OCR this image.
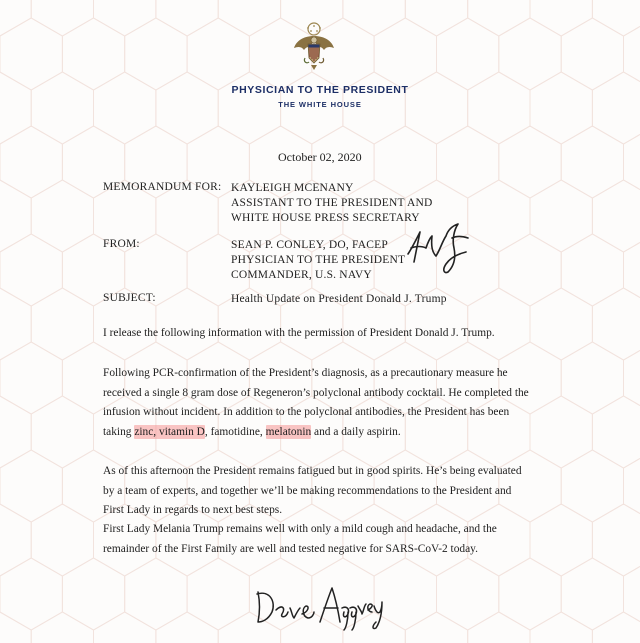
PHYSICIAN TO THE PRESIDENT
THE WHITE HOUSE
October 02, 2020
MEMORANDUM FOR: KAYLEIGH MCENANY
ASSISTANT TO THE PRESIDENT AND
WHITE HOUSE PRESS SECRETARY
FROM:	SEAN P. CONLEY, DO, FACEP
PHYSICIAN TO THE PRESIDENT
COMMANDER, U.S. NAVY
SUBJECT:	Health Update on President Donald J. Trump
I release the following information with the permission of President Donald J. Trump.
Following PCR-confirmation of the President’s diagnosis, as a precautionary measure he received a single 8 gram dose of Regeneron’s polyclonal antibody cocktail. He completed the infusion without incident. In addition to the polyclonal antibodies, the President has been taking zinc, vitamin D, famotidine, melatonin and a daily aspirin.
As of this afternoon the President remains fatigued but in good spirits. He’s being evaluated by a team of experts, and together we’ll be making recommendations to the President and First Lady in regards to next best steps.
First Lady Melania Trump remains well with only a mild cough and headache, and the remainder of the First Family are well and tested negative for SARS-CoV-2 today.
